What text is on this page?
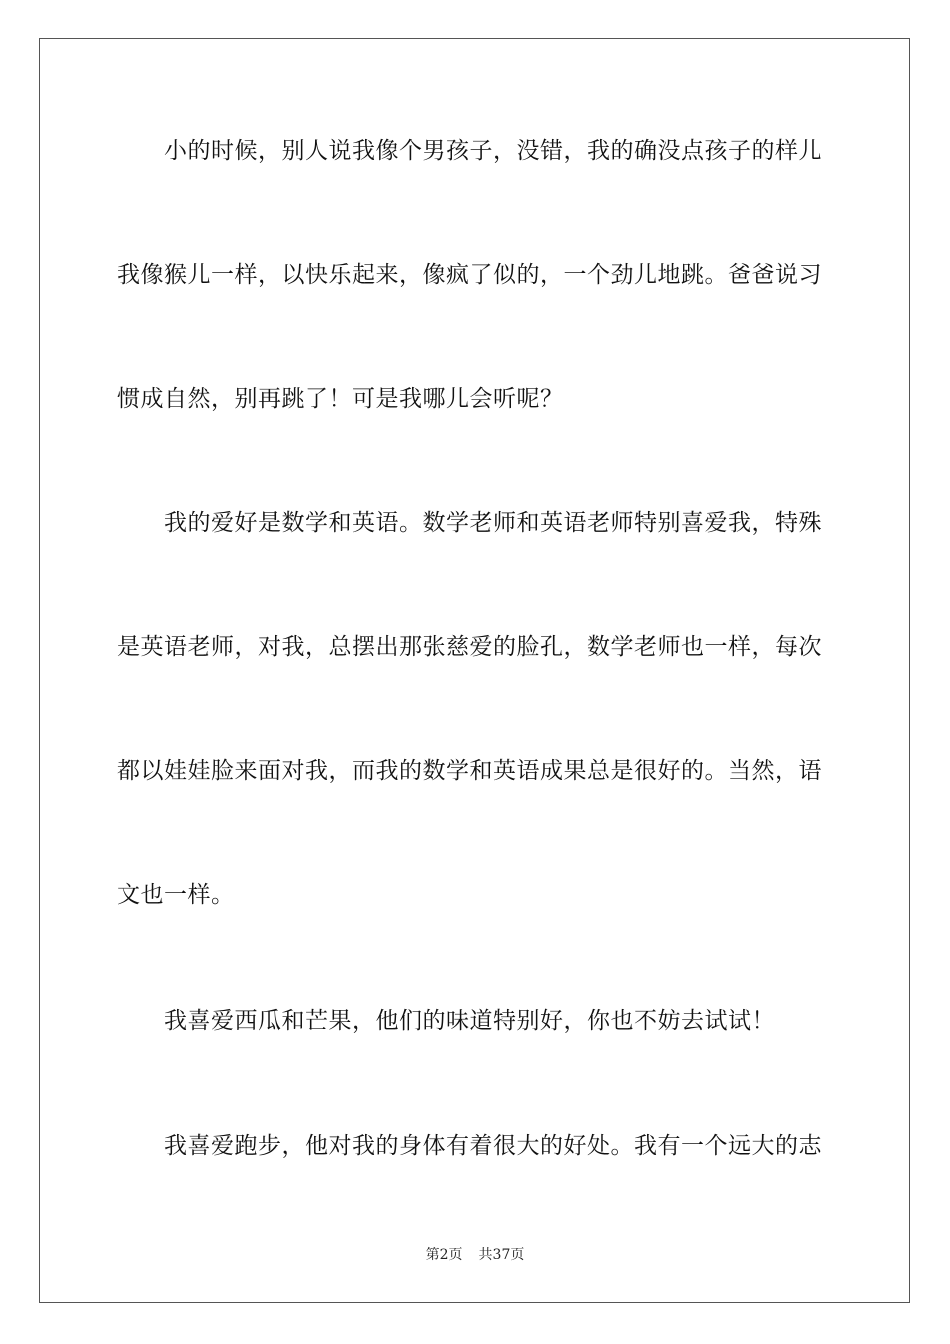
小的时候，别人说我像个男孩子，没错，我的确没点孩子的样儿
我像猴儿一样，以快乐起来，像疯了似的，一个劲儿地跳。爸爸说习
惯成自然，别再跳了！可是我哪儿会听呢？
我的爱好是数学和英语。数学老师和英语老师特别喜爱我，特殊
是英语老师，对我，总摆出那张慈爱的脸孔，数学老师也一样，每次
都以娃娃脸来面对我，而我的数学和英语成果总是很好的。当然，语
文也一样。
我喜爱西瓜和芒果，他们的味道特别好，你也不妨去试试！
我喜爱跑步，他对我的身体有着很大的好处。我有一个远大的志
第2页 共37页
